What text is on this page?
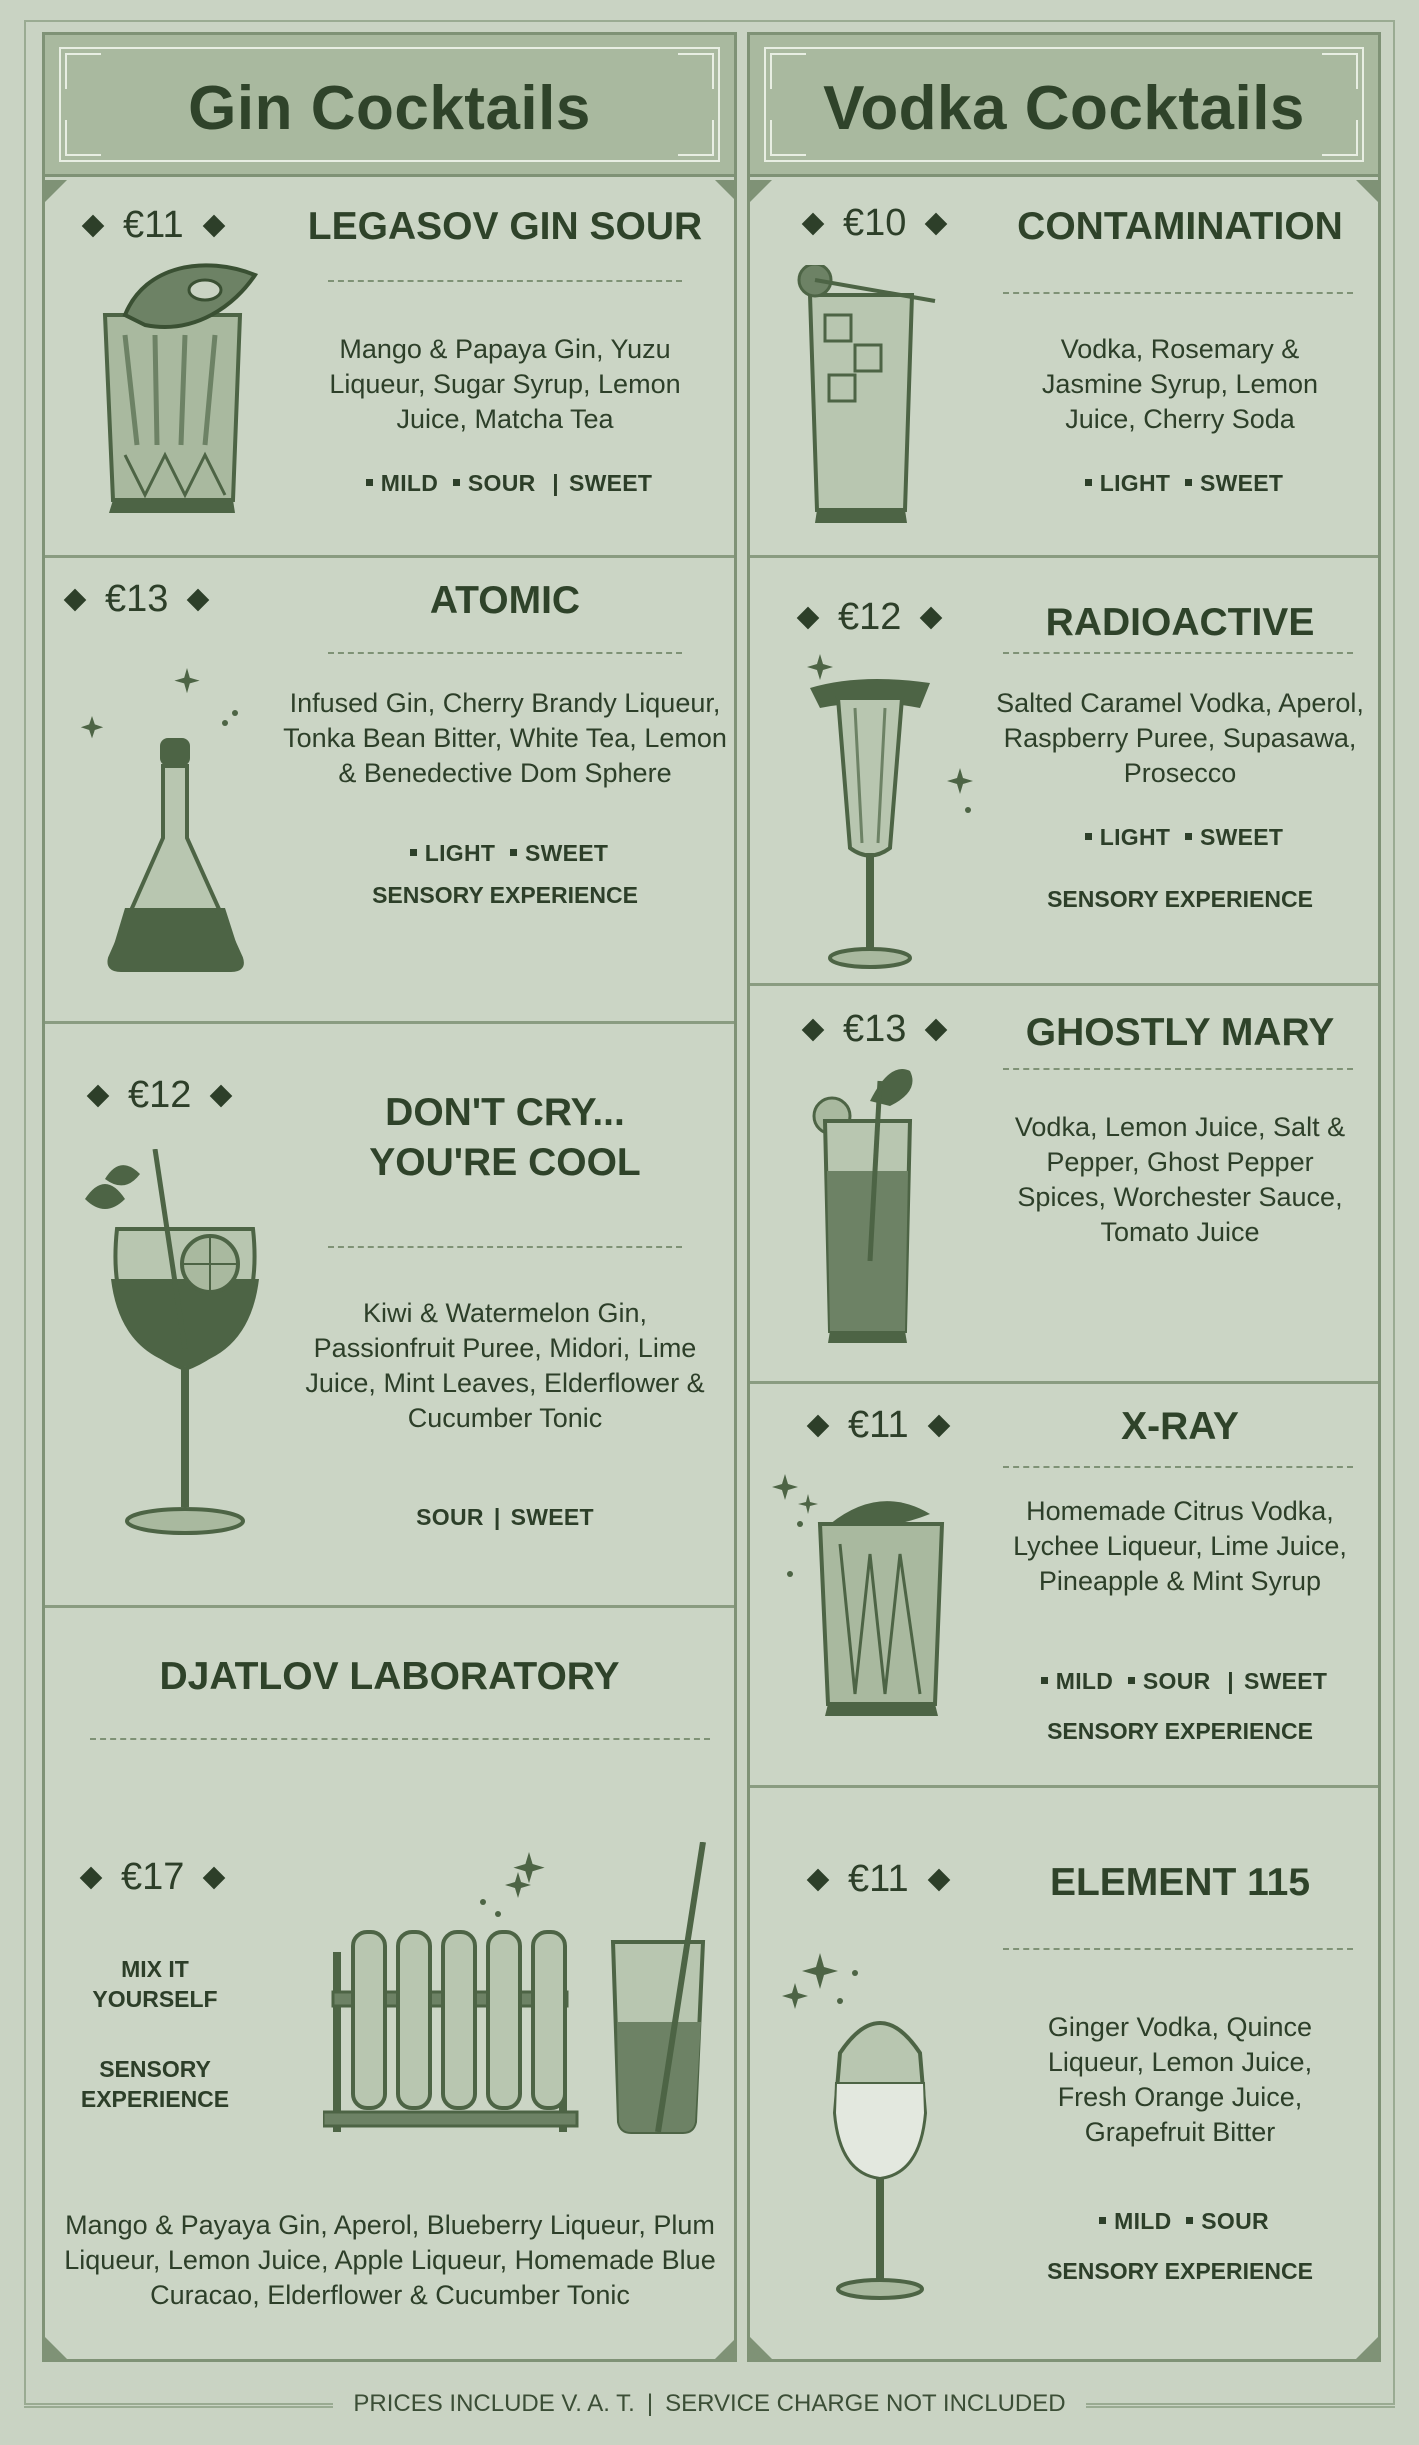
Gin Cocktails
€11	LEGASOV GIN SOUR
Mango & Papaya Gin, Yuzu Liqueur, Sugar Syrup, Lemon Juice, Matcha Tea
MILD SOUR | SWEET
€13	ATOMIC
Infused Gin, Cherry Brandy Liqueur, Tonka Bean Bitter, White Tea, Lemon & Benedective Dom Sphere
LIGHT SWEET
SENSORY EXPERIENCE
€12	DON'T CRY...
YOU'RE COOL
Kiwi & Watermelon Gin, Passionfruit Puree, Midori, Lime Juice, Mint Leaves, Elderflower & Cucumber Tonic
SOUR | SWEET
DJATLOV LABORATORY
€17
MIX IT
YOURSELF
SENSORY
EXPERIENCE
Mango & Payaya Gin, Aperol, Blueberry Liqueur, Plum Liqueur, Lemon Juice, Apple Liqueur, Homemade Blue Curacao, Elderflower & Cucumber Tonic
Vodka Cocktails
€10	CONTAMINATION
Vodka, Rosemary & Jasmine Syrup, Lemon Juice, Cherry Soda
LIGHT SWEET
€12	RADIOACTIVE
Salted Caramel Vodka, Aperol, Raspberry Puree, Supasawa, Prosecco
LIGHT SWEET
SENSORY EXPERIENCE
€13	GHOSTLY MARY
Vodka, Lemon Juice, Salt & Pepper, Ghost Pepper Spices, Worchester Sauce, Tomato Juice
€11	X-RAY
Homemade Citrus Vodka, Lychee Liqueur, Lime Juice, Pineapple & Mint Syrup
MILD SOUR | SWEET
SENSORY EXPERIENCE
€11	ELEMENT 115
Ginger Vodka, Quince Liqueur, Lemon Juice, Fresh Orange Juice, Grapefruit Bitter
MILD SOUR
SENSORY EXPERIENCE
PRICES INCLUDE V. A. T. | SERVICE CHARGE NOT INCLUDED
